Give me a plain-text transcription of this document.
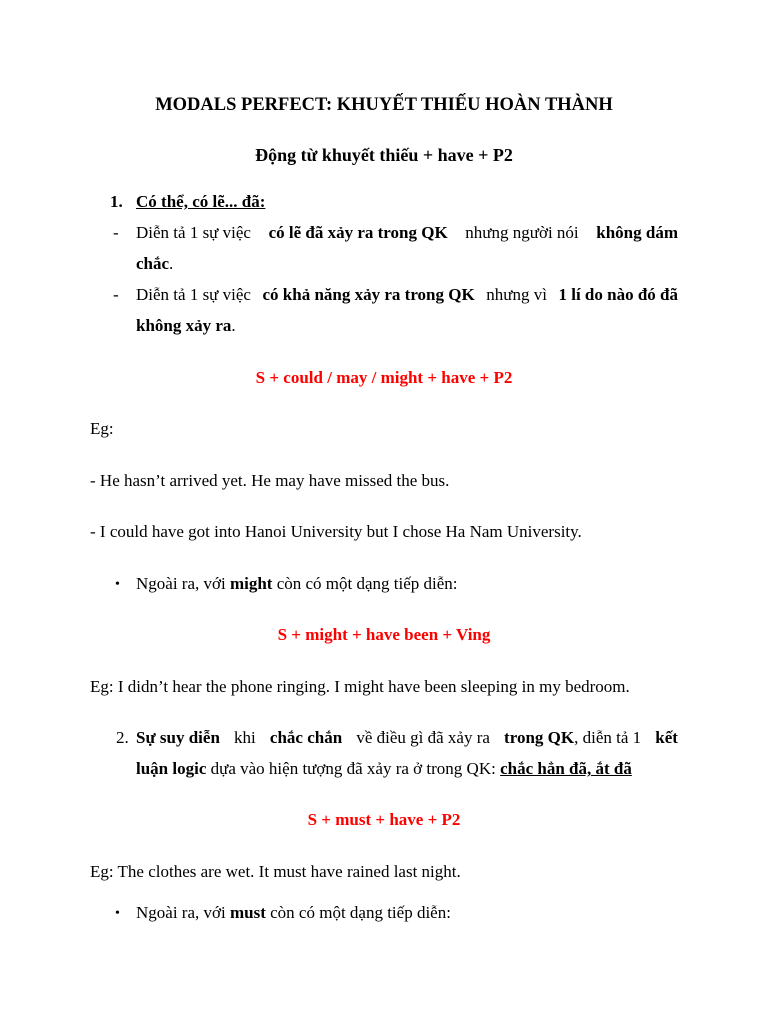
MODALS PERFECT: KHUYẾT THIẾU HOÀN THÀNH
Động từ khuyết thiếu + have + P2
1. Có thể, có lẽ... đã:
- Diễn tả 1 sự việc có lẽ đã xảy ra trong QK nhưng người nói không dám
chắc.
- Diễn tả 1 sự việc có khả năng xảy ra trong QK nhưng vì 1 lí do nào đó đã
không xảy ra.
S + could / may / might + have + P2
Eg:
- He hasn’t arrived yet. He may have missed the bus.
- I could have got into Hanoi University but I chose Ha Nam University.
• Ngoài ra, với might còn có một dạng tiếp diễn:
S + might + have been + Ving
Eg: I didn’t hear the phone ringing. I might have been sleeping in my bedroom.
2. Sự suy diễn khi chắc chắn về điều gì đã xảy ra trong QK, diễn tả 1 kết
luận logic dựa vào hiện tượng đã xảy ra ở trong QK: chắc hẳn đã, ắt đã
S + must + have + P2
Eg: The clothes are wet. It must have rained last night.
• Ngoài ra, với must còn có một dạng tiếp diễn:
